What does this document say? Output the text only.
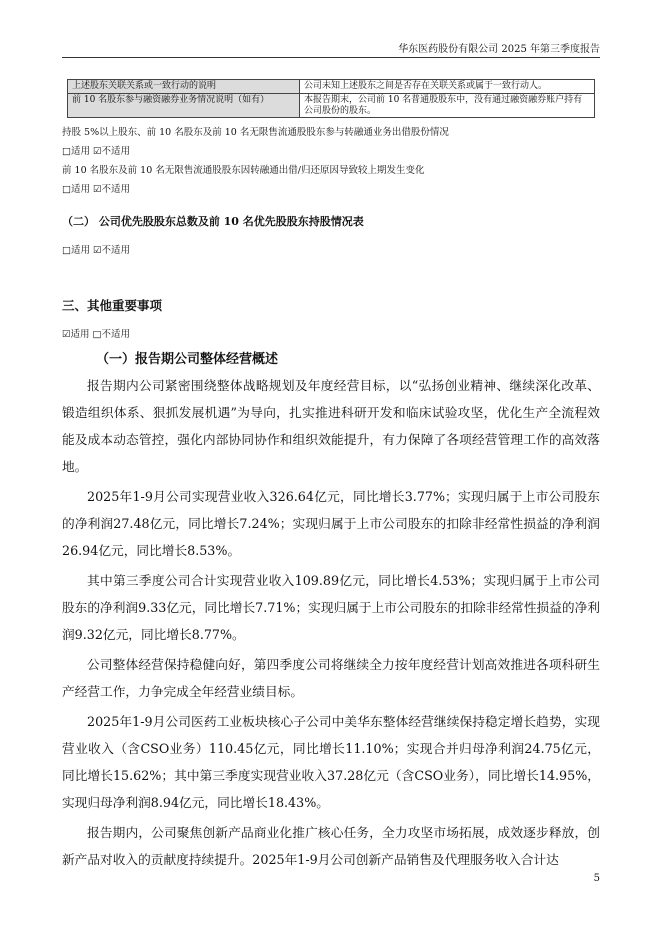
华东医药股份有限公司 2025 年第三季度报告
上述股东关联关系或一致行动的说明	公司未知上述股东之间是否存在关联关系或属于一致行动人。
前 10 名股东参与融资融券业务情况说明（如有）	本报告期末，公司前 10 名普通股股东中，没有通过融资融券账户持有公司股份的股东。
持股 5%以上股东、前 10 名股东及前 10 名无限售流通股股东参与转融通业务出借股份情况
□适用 ☑不适用
前 10 名股东及前 10 名无限售流通股股东因转融通出借/归还原因导致较上期发生变化
□适用 ☑不适用
（二） 公司优先股股东总数及前 10 名优先股股东持股情况表
□适用 ☑不适用
三、其他重要事项
☑适用 □不适用
（一）报告期公司整体经营概述

报告期内公司紧密围绕整体战略规划及年度经营目标，以“弘扬创业精神、继续深化改革、锻造组织体系、狠抓发展机遇”为导向，扎实推进科研开发和临床试验攻坚，优化生产全流程效能及成本动态管控，强化内部协同协作和组织效能提升，有力保障了各项经营管理工作的高效落地。

2025年1-9月公司实现营业收入326.64亿元，同比增长3.77%；实现归属于上市公司股东的净利润27.48亿元，同比增长7.24%；实现归属于上市公司股东的扣除非经常性损益的净利润26.94亿元，同比增长8.53%。

其中第三季度公司合计实现营业收入109.89亿元，同比增长4.53%；实现归属于上市公司股东的净利润9.33亿元，同比增长7.71%；实现归属于上市公司股东的扣除非经常性损益的净利润9.32亿元，同比增长8.77%。

公司整体经营保持稳健向好，第四季度公司将继续全力按年度经营计划高效推进各项科研生产经营工作，力争完成全年经营业绩目标。

2025年1-9月公司医药工业板块核心子公司中美华东整体经营继续保持稳定增长趋势，实现营业收入（含CSO业务）110.45亿元，同比增长11.10%；实现合并归母净利润24.75亿元，同比增长15.62%；其中第三季度实现营业收入37.28亿元（含CSO业务），同比增长14.95%，实现归母净利润8.94亿元，同比增长18.43%。

报告期内，公司聚焦创新产品商业化推广核心任务，全力攻坚市场拓展，成效逐步释放，创新产品对收入的贡献度持续提升。2025年1-9月公司创新产品销售及代理服务收入合计达

5
